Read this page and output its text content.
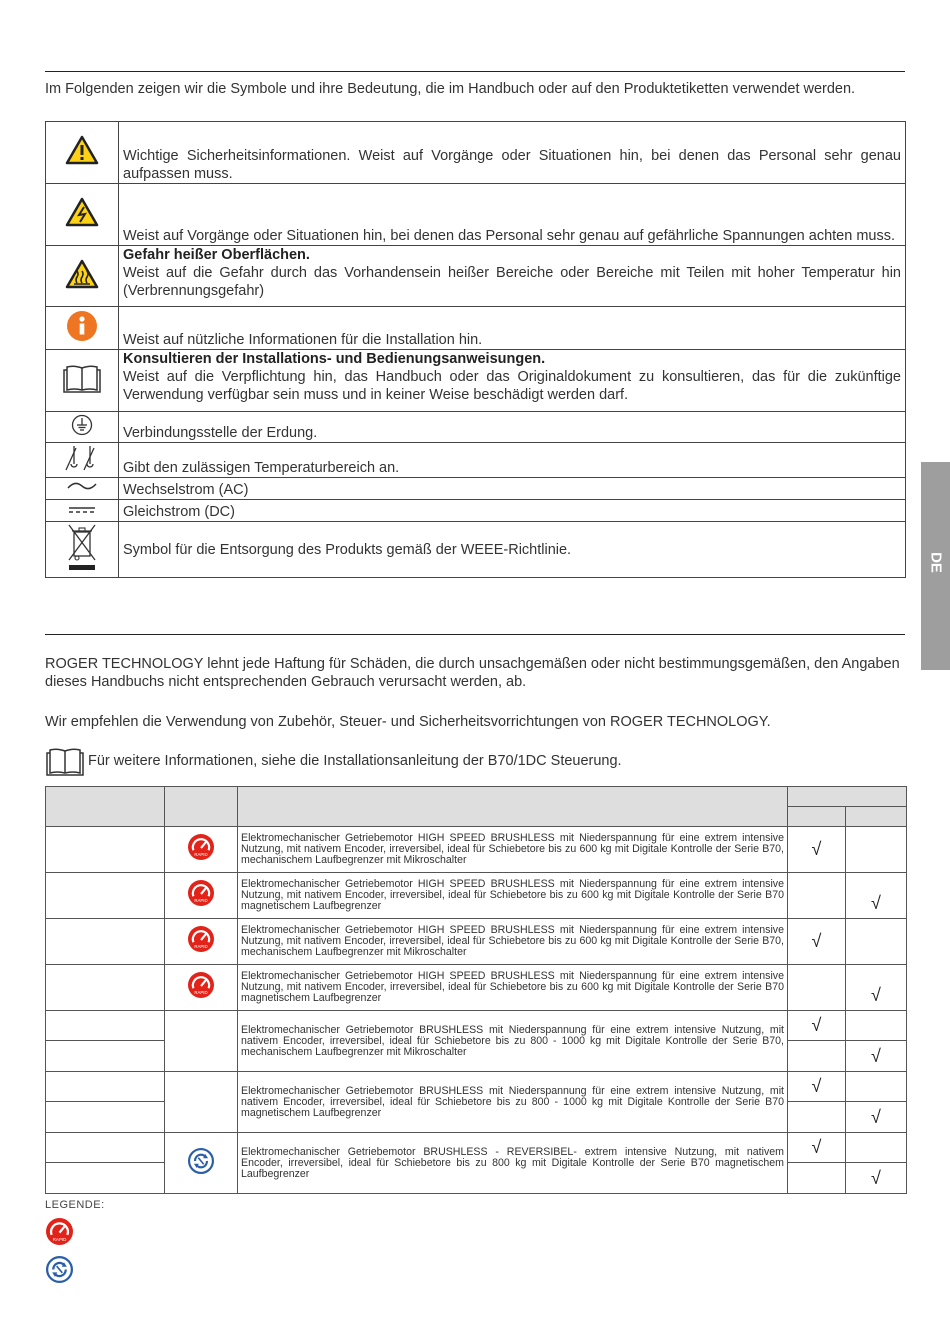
Im Folgenden zeigen wir die Symbole und ihre Bedeutung, die im Handbuch oder auf den Produktetiketten verwendet werden.
	Wichtige Sicherheitsinformationen. Weist auf Vorgänge oder Situationen hin, bei denen das Personal sehr genau aufpassen muss.
	Weist auf Vorgänge oder Situationen hin, bei denen das Personal sehr genau auf gefährliche Spannungen achten muss.
	Gefahr heißer Oberflächen.
Weist auf die Gefahr durch das Vorhandensein heißer Bereiche oder Bereiche mit Teilen mit hoher Temperatur hin (Verbrennungsgefahr)
	Weist auf nützliche Informationen für die Installation hin.
	Konsultieren der Installations- und Bedienungsanweisungen.
Weist auf die Verpflichtung hin, das Handbuch oder das Originaldokument zu konsultieren, das für die zukünftige Verwendung verfügbar sein muss und in keiner Weise beschädigt werden darf.
	Verbindungsstelle der Erdung.
	Gibt den zulässigen Temperaturbereich an.
	Wechselstrom (AC)
	Gleichstrom (DC)

Symbol für die Entsorgung des Produkts gemäß der WEEE-Richtlinie.
DE
ROGER TECHNOLOGY lehnt jede Haftung für Schäden, die durch unsachgemäßen oder nicht bestimmungsgemäßen, den Angaben dieses Handbuchs nicht entsprechenden Gebrauch verursacht werden, ab.
Wir empfehlen die Verwendung von Zubehör, Steuer- und Sicherheitsvorrichtungen von ROGER TECHNOLOGY.
Für weitere Informationen, siehe die Installationsanleitung der B70/1DC Steuerung.

		Elektromechanischer Getriebemotor HIGH SPEED BRUSHLESS mit Niederspannung für eine extrem intensive Nutzung, mit nativem Encoder, irreversibel, ideal für Schiebetore bis zu 600 kg mit Digitale Kontrolle der Serie B70, mechanischem Laufbegrenzer mit Mikroschalter	√	
		Elektromechanischer Getriebemotor HIGH SPEED BRUSHLESS mit Niederspannung für eine extrem intensive Nutzung, mit nativem Encoder, irreversibel, ideal für Schiebetore bis zu 600 kg mit Digitale Kontrolle der Serie B70 magnetischem Laufbegrenzer		√
		Elektromechanischer Getriebemotor HIGH SPEED BRUSHLESS mit Niederspannung für eine extrem intensive Nutzung, mit nativem Encoder, irreversibel, ideal für Schiebetore bis zu 600 kg mit Digitale Kontrolle der Serie B70, mechanischem Laufbegrenzer mit Mikroschalter	√	
		Elektromechanischer Getriebemotor HIGH SPEED BRUSHLESS mit Niederspannung für eine extrem intensive Nutzung, mit nativem Encoder, irreversibel, ideal für Schiebetore bis zu 600 kg mit Digitale Kontrolle der Serie B70 magnetischem Laufbegrenzer		√
		Elektromechanischer Getriebemotor BRUSHLESS mit Niederspannung für eine extrem intensive Nutzung, mit nativem Encoder, irreversibel, ideal für Schiebetore bis zu 800 - 1000 kg mit Digitale Kontrolle der Serie B70, mechanischem Laufbegrenzer mit Mikroschalter	√	
				√
		Elektromechanischer Getriebemotor BRUSHLESS mit Niederspannung für eine extrem intensive Nutzung, mit nativem Encoder, irreversibel, ideal für Schiebetore bis zu 800 - 1000 kg mit Digitale Kontrolle der Serie B70 magnetischem Laufbegrenzer	√	
				√
		Elektromechanischer Getriebemotor BRUSHLESS - REVERSIBEL- extrem intensive Nutzung, mit nativem Encoder, irreversibel, ideal für Schiebetore bis zu 800 kg mit Digitale Kontrolle der Serie B70 magnetischem Laufbegrenzer	√	
				√
LEGENDE:
